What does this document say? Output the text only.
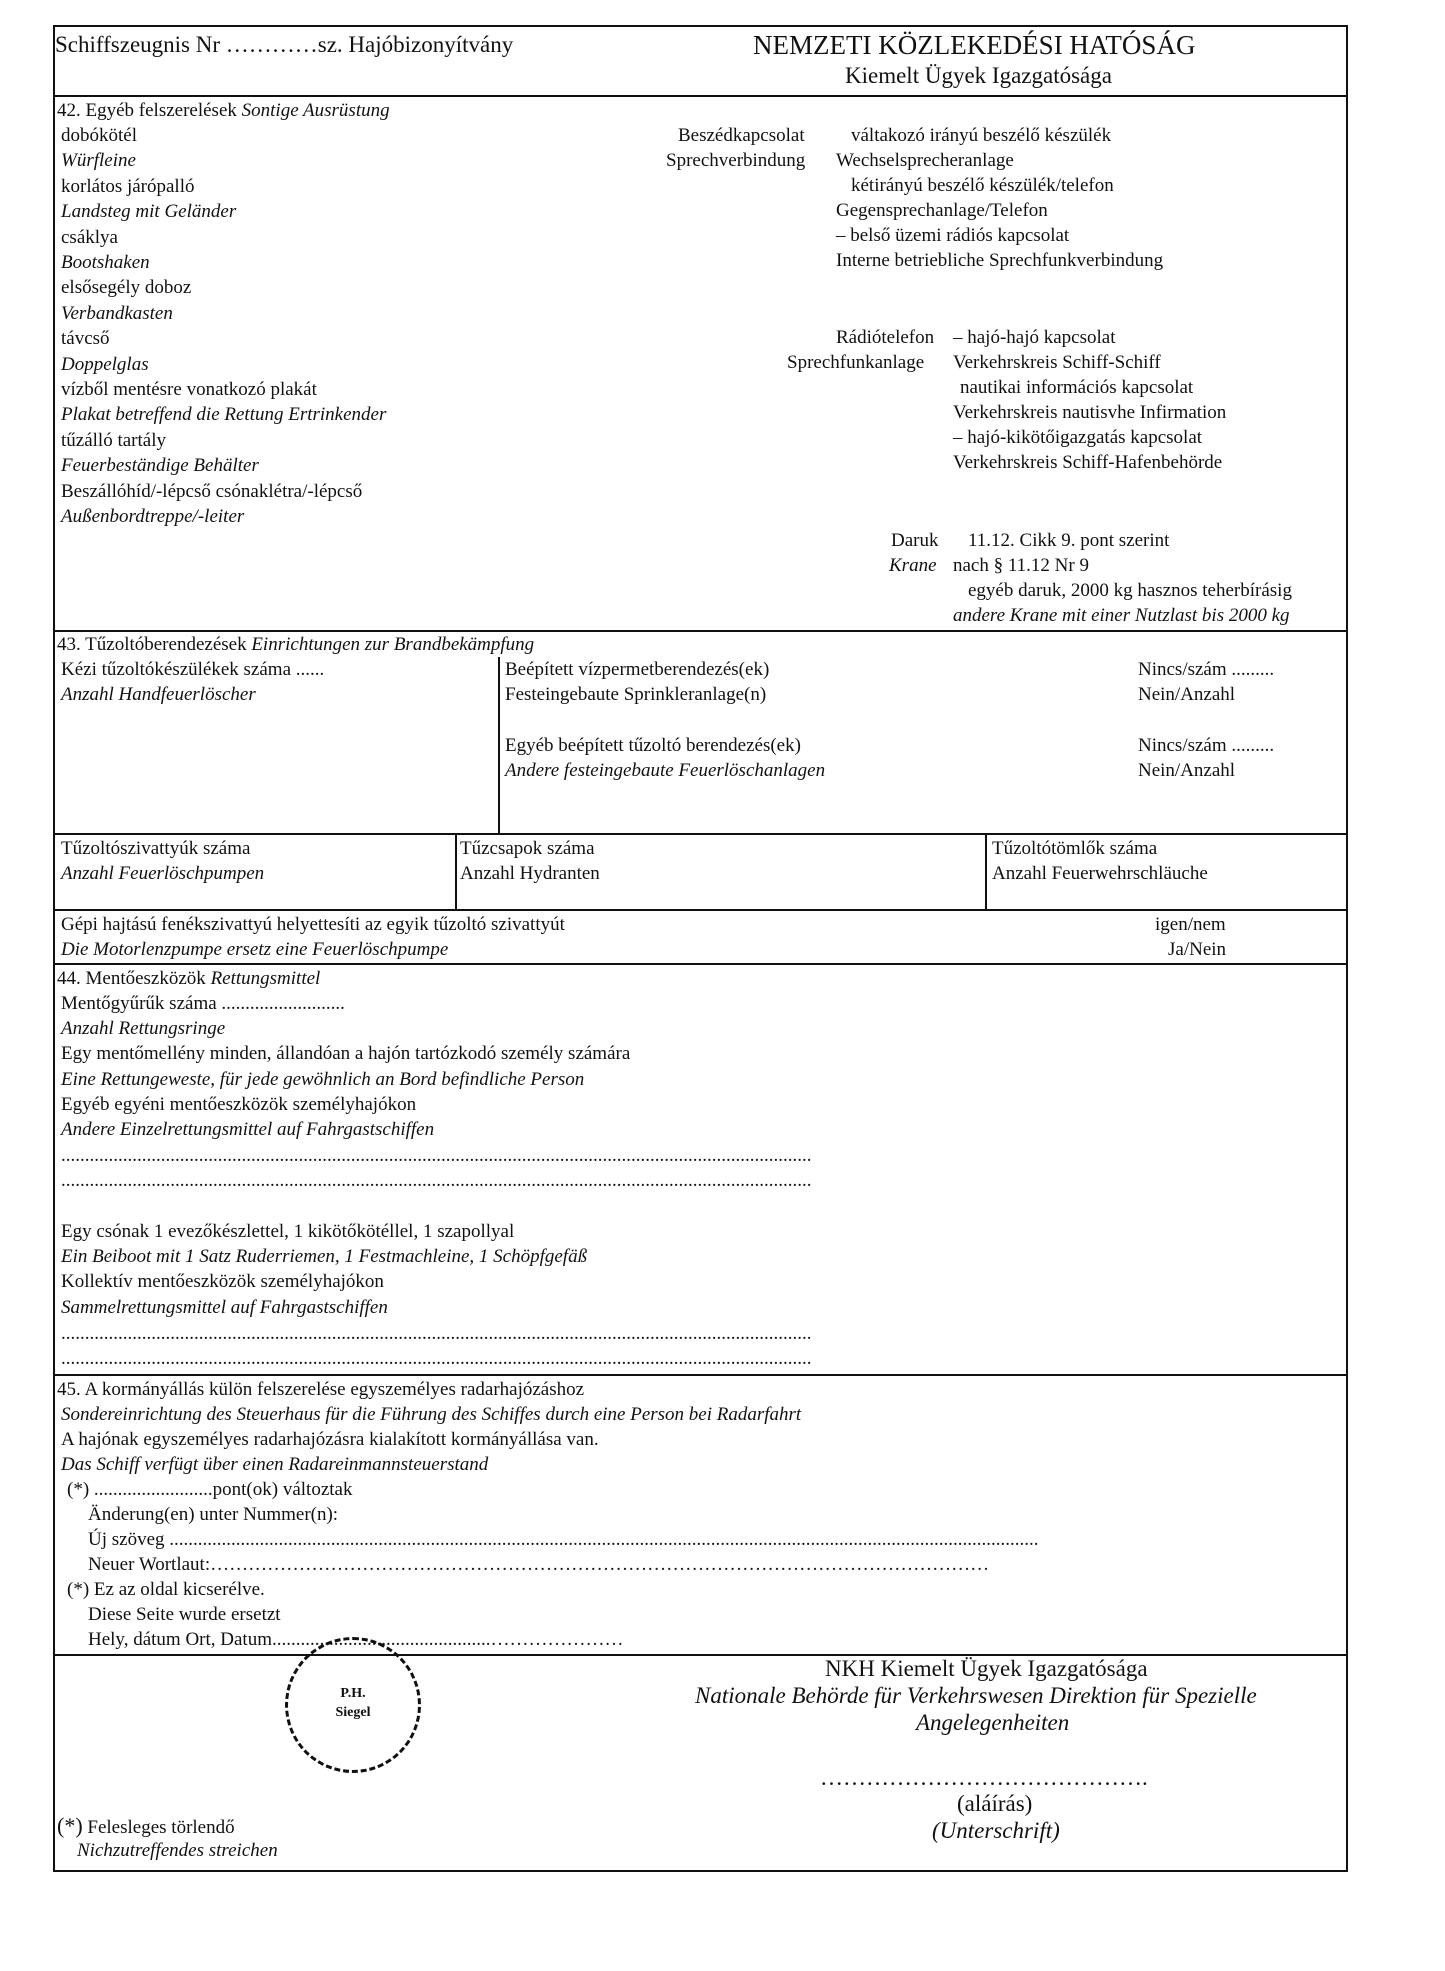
Schiffszeugnis Nr …………sz. Hajóbizonyítvány	NEMZETI KÖZLEKEDÉSI HATÓSÁG
Kiemelt Ügyek Igazgatósága
42. Egyéb felszerelések Sontige Ausrüstung
dobókötél
Würfleine
korlátos járópalló
Landsteg mit Geländer
csáklya
Bootshaken
elsősegély doboz
Verbandkasten
távcső
Doppelglas
vízből mentésre vonatkozó plakát
Plakat betreffend die Rettung Ertrinkender
tűzálló tartály
Feuerbeständige Behälter
Beszállóhíd/-lépcső csónaklétra/-lépcső
Außenbordtreppe/-leiter
Beszédkapcsolat
Sprechverbindung
váltakozó irányú beszélő készülék
Wechselsprecheranlage
kétirányú beszélő készülék/telefon
Gegensprechanlage/Telefon
– belső üzemi rádiós kapcsolat
Interne betriebliche Sprechfunkverbindung
Rádiótelefon
Sprechfunkanlage
– hajó-hajó kapcsolat
Verkehrskreis Schiff-Schiff
nautikai információs kapcsolat
Verkehrskreis nautisvhe Infirmation
– hajó-kikötőigazgatás kapcsolat
Verkehrskreis Schiff-Hafenbehörde
Daruk
Krane
11.12. Cikk 9. pont szerint
nach § 11.12 Nr 9
egyéb daruk, 2000 kg hasznos teherbírásig
andere Krane mit einer Nutzlast bis 2000 kg
43. Tűzoltóberendezések Einrichtungen zur Brandbekämpfung
Kézi tűzoltókészülékek száma ......
Anzahl Handfeuerlöscher
Beépített vízpermetberendezés(ek)
Festeingebaute Sprinkleranlage(n)
Nincs/szám .........
Nein/Anzahl
Egyéb beépített tűzoltó berendezés(ek)
Andere festeingebaute Feuerlöschanlagen
Nincs/szám .........
Nein/Anzahl
Tűzoltószivattyúk száma
Anzahl Feuerlöschpumpen
Tűzcsapok száma
Anzahl Hydranten
Tűzoltótömlők száma
Anzahl Feuerwehrschläuche
Gépi hajtású fenékszivattyú helyettesíti az egyik tűzoltó szivattyút
Die Motorlenzpumpe ersetz eine Feuerlöschpumpe
igen/nem
Ja/Nein
44. Mentőeszközök Rettungsmittel
Mentőgyűrűk száma ..........................
Anzahl Rettungsringe
Egy mentőmellény minden, állandóan a hajón tartózkodó személy számára
Eine Rettungeweste, für jede gewöhnlich an Bord befindliche Person
Egyéb egyéni mentőeszközök személyhajókon
Andere Einzelrettungsmittel auf Fahrgastschiffen
..............................................................................................................................................................
..............................................................................................................................................................
Egy csónak 1 evezőkészlettel, 1 kikötőkötéllel, 1 szapollyal
Ein Beiboot mit 1 Satz Ruderriemen, 1 Festmachleine, 1 Schöpfgefäß
Kollektív mentőeszközök személyhajókon
Sammelrettungsmittel auf Fahrgastschiffen
..............................................................................................................................................................
..............................................................................................................................................................
45. A kormányállás külön felszerelése egyszemélyes radarhajózáshoz
Sondereinrichtung des Steuerhaus für die Führung des Schiffes durch eine Person bei Radarfahrt
A hajónak egyszemélyes radarhajózásra kialakított kormányállása van.
Das Schiff verfügt über einen Radareinmannsteuerstand
(*) .........................pont(ok) változtak
Änderung(en) unter Nummer(n):
Új szöveg .......................................................................................................................................................................................
Neuer Wortlaut:……………………………………………………………………………………………………………
(*) Ez az oldal kicserélve.
Diese Seite wurde ersetzt
Hely, dátum Ort, Datum..............................................…………………
P.H.
Siegel
NKH Kiemelt Ügyek Igazgatósága
Nationale Behörde für Verkehrswesen Direktion für Spezielle
Angelegenheiten
…………………………………….
(aláírás)
(Unterschrift)
(*) Felesleges törlendő
Nichzutreffendes streichen
